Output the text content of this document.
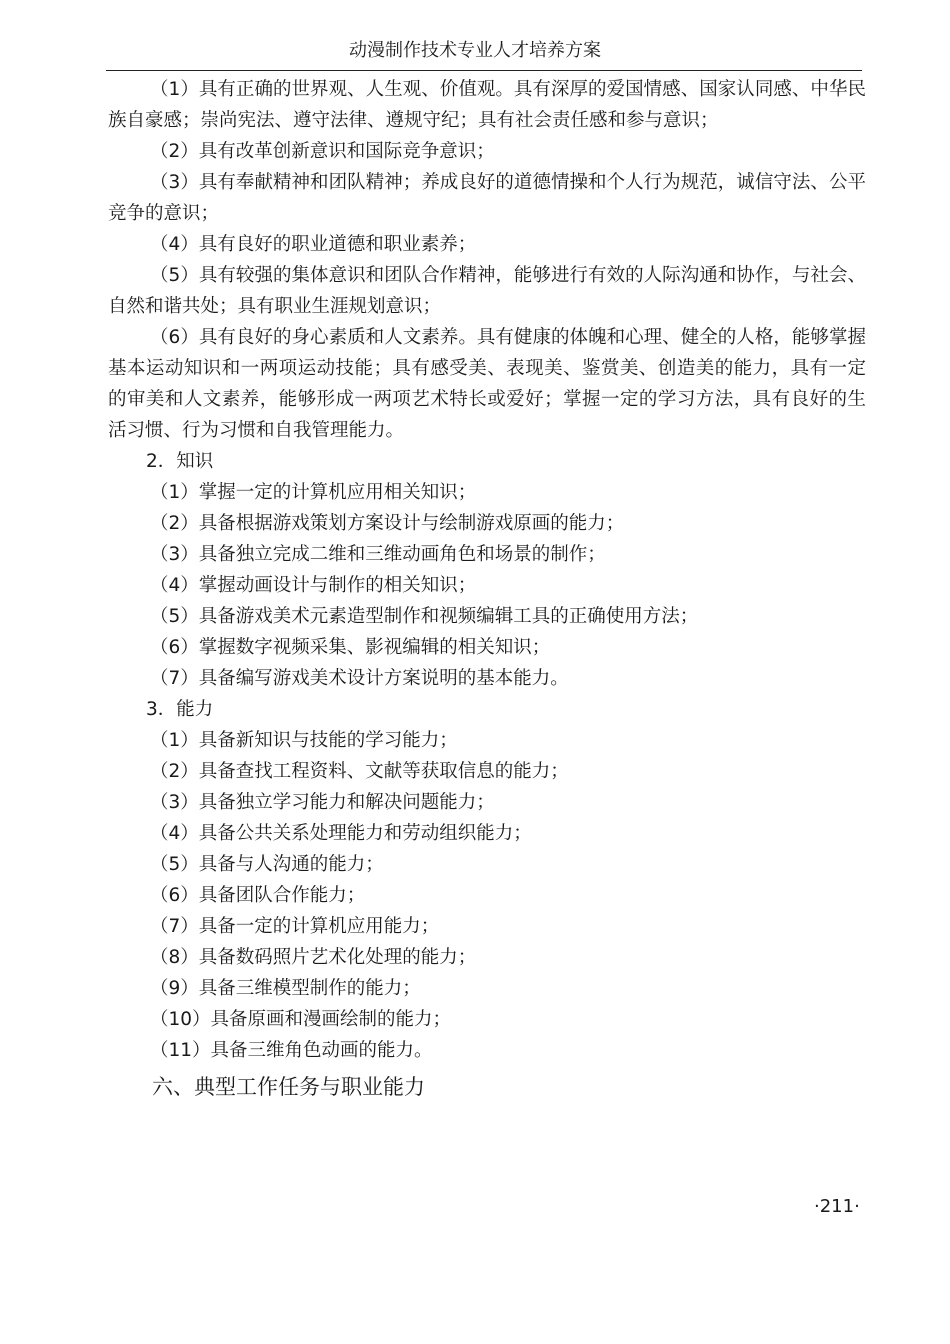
动漫制作技术专业人才培养方案
（1）具有正确的世界观、人生观、价值观。具有深厚的爱国情感、国家认同感、中华民族自豪感；崇尚宪法、遵守法律、遵规守纪；具有社会责任感和参与意识；
（2）具有改革创新意识和国际竞争意识；
（3）具有奉献精神和团队精神；养成良好的道德情操和个人行为规范，诚信守法、公平竞争的意识；
（4）具有良好的职业道德和职业素养；
（5）具有较强的集体意识和团队合作精神，能够进行有效的人际沟通和协作，与社会、自然和谐共处；具有职业生涯规划意识；
（6）具有良好的身心素质和人文素养。具有健康的体魄和心理、健全的人格，能够掌握基本运动知识和一两项运动技能；具有感受美、表现美、鉴赏美、创造美的能力，具有一定的审美和人文素养，能够形成一两项艺术特长或爱好；掌握一定的学习方法，具有良好的生活习惯、行为习惯和自我管理能力。
2．知识
（1）掌握一定的计算机应用相关知识；
（2）具备根据游戏策划方案设计与绘制游戏原画的能力；
（3）具备独立完成二维和三维动画角色和场景的制作；
（4）掌握动画设计与制作的相关知识；
（5）具备游戏美术元素造型制作和视频编辑工具的正确使用方法；
（6）掌握数字视频采集、影视编辑的相关知识；
（7）具备编写游戏美术设计方案说明的基本能力。
3．能力
（1）具备新知识与技能的学习能力；
（2）具备查找工程资料、文献等获取信息的能力；
（3）具备独立学习能力和解决问题能力；
（4）具备公共关系处理能力和劳动组织能力；
（5）具备与人沟通的能力；
（6）具备团队合作能力；
（7）具备一定的计算机应用能力；
（8）具备数码照片艺术化处理的能力；
（9）具备三维模型制作的能力；
（10）具备原画和漫画绘制的能力；
（11）具备三维角色动画的能力。
六、典型工作任务与职业能力
·211·
